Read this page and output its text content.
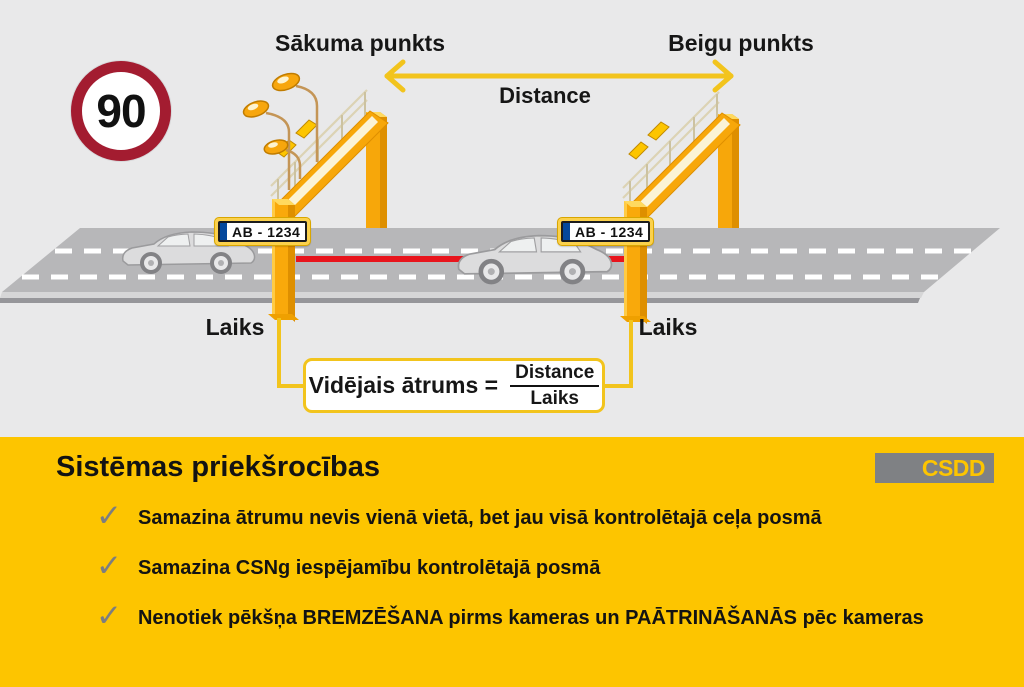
90
Sākuma punkts	Beigu punkts
Distance
Laiks	Laiks
AB - 1234	AB - 1234
Vidējais ātrums = $\frac{\text{Distance}}{\text{Laiks}}$
Sistēmas priekšrocības	CSDD
✓ Samazina ātrumu nevis vienā vietā, bet jau visā kontrolētajā ceļa posmā
✓ Samazina CSNg iespējamību kontrolētajā posmā
✓ Nenotiek pēkšņa BREMZĒŠANA pirms kameras un PAĀTRINĀŠANĀS pēc kameras
